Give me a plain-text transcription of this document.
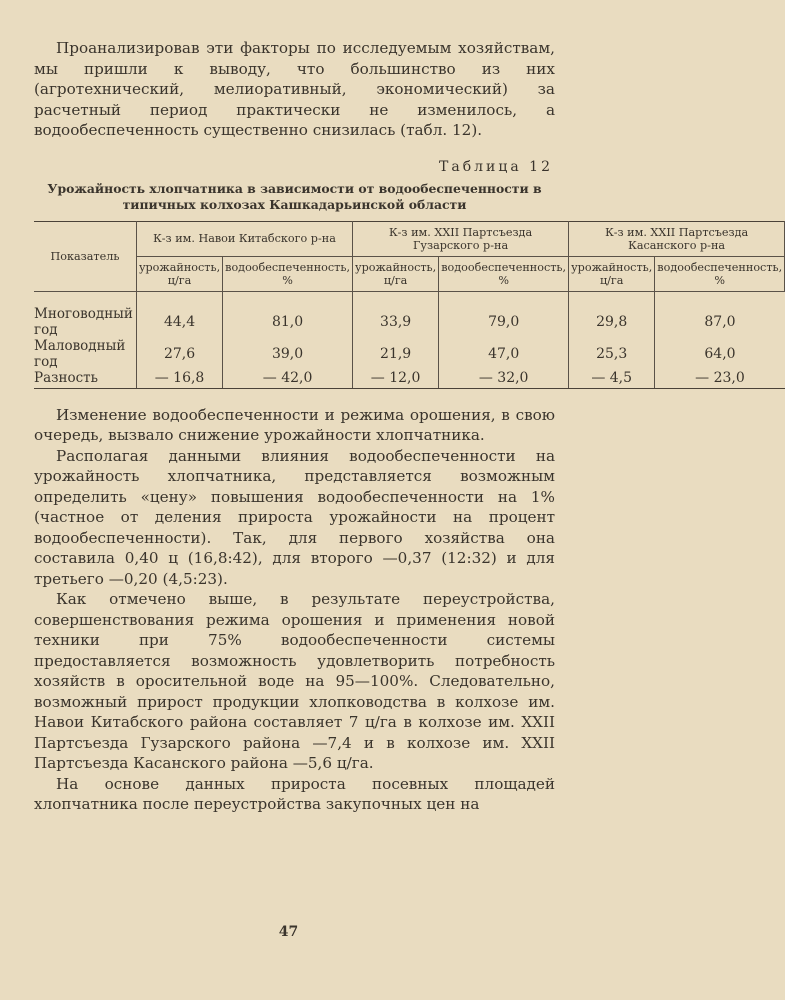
Проанализировав эти факторы по исследуемым хозяйствам, мы пришли к выводу, что большинство из них (агротехнический, мелиоративный, экономический) за расчетный период практически не изменилось, а водообеспеченность существенно снизилась (табл. 12).

Таблица 12
Урожайность хлопчатника в зависимости от водообеспеченности в типичных колхозах Кашкадарьинской области
Показатель	К-з им. Навои Китабского р-на		К-з им. XXII Партсъезда Гузарского р-на		К-з им. XXII Партсъезда Касанского р-на	
	урожайность, ц/га	водообеспеченность, %	урожайность, ц/га	водообеспеченность, %	урожайность, ц/га	водообеспеченность, %
Многоводный год	44,4	81,0	33,9	79,0	29,8	87,0
Маловодный год	27,6	39,0	21,9	47,0	25,3	64,0
Разность	— 16,8	— 42,0	— 12,0	— 32,0	— 4,5	— 23,0

Изменение водообеспеченности и режима орошения, в свою очередь, вызвало снижение урожайности хлопчатника.

Располагая данными влияния водообеспеченности на урожайность хлопчатника, представляется возможным определить «цену» повышения водообеспеченности на 1% (частное от деления прироста урожайности на процент водообеспеченности). Так, для первого хозяйства она составила 0,40 ц (16,8:42), для второго —0,37 (12:32) и для третьего —0,20 (4,5:23).

Как отмечено выше, в результате переустройства, совершенствования режима орошения и применения новой техники при 75% водообеспеченности системы предоставляется возможность удовлетворить потребность хозяйств в оросительной воде на 95—100%. Следовательно, возможный прирост продукции хлопководства в колхозе им. Навои Китабского района составляет 7 ц/га в колхозе им. XXII Партсъезда Гузарского района —7,4 и в колхозе им. XXII Партсъезда Касанского района —5,6 ц/га.

На основе данных прироста посевных площадей хлопчатника после переустройства закупочных цен на

47
